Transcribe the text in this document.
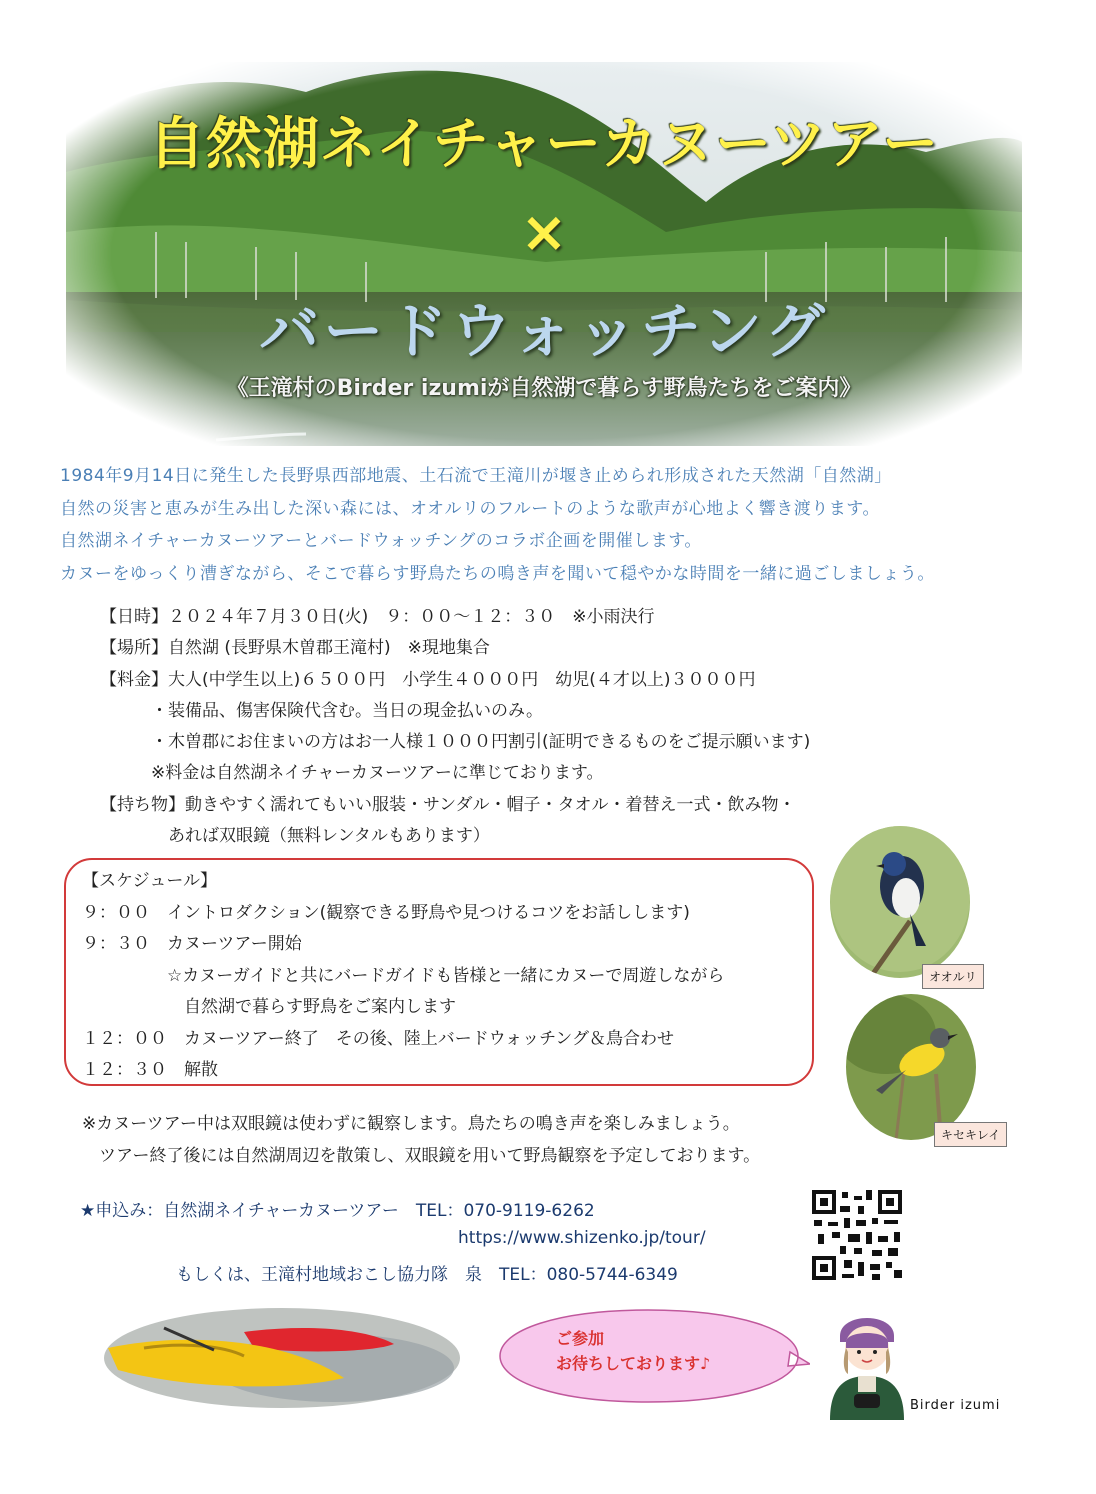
自然湖ネイチャーカヌーツアー
×
バードウォッチング
《王滝村のBirder izumiが自然湖で暮らす野鳥たちをご案内》
1984年9月14日に発生した長野県西部地震、土石流で王滝川が堰き止められ形成された天然湖「自然湖」
自然の災害と恵みが生み出した深い森には、オオルリのフルートのような歌声が心地よく響き渡ります。
自然湖ネイチャーカヌーツアーとバードウォッチングのコラボ企画を開催します。
カヌーをゆっくり漕ぎながら、そこで暮らす野鳥たちの鳴き声を聞いて穏やかな時間を一緒に過ごしましょう。
【日時】２０２４年７月３０日(火)　９：００～１２：３０　※小雨決行
【場所】自然湖 (長野県木曽郡王滝村)　※現地集合
【料金】大人(中学生以上)６５００円　小学生４０００円　幼児(４才以上)３０００円
　　　・装備品、傷害保険代含む。当日の現金払いのみ。
　　　・木曽郡にお住まいの方はお一人様１０００円割引(証明できるものをご提示願います)
　　　※料金は自然湖ネイチャーカヌーツアーに準じております。
【持ち物】動きやすく濡れてもいい服装・サンダル・帽子・タオル・着替え一式・飲み物・
　　　　あれば双眼鏡（無料レンタルもあります）
【スケジュール】
９：００　イントロダクション(観察できる野鳥や見つけるコツをお話しします)
９：３０　カヌーツアー開始
　　　　　☆カヌーガイドと共にバードガイドも皆様と一緒にカヌーで周遊しながら
　　　　　　自然湖で暮らす野鳥をご案内します
１２：００　カヌーツアー終了　その後、陸上バードウォッチング＆鳥合わせ
１２：３０　解散
オオルリ
キセキレイ
※カヌーツアー中は双眼鏡は使わずに観察します。鳥たちの鳴き声を楽しみましょう。
　ツアー終了後には自然湖周辺を散策し、双眼鏡を用いて野鳥観察を予定しております。
★申込み：自然湖ネイチャーカヌーツアー　TEL：070-9119-6262
https://www.shizenko.jp/tour/
もしくは、王滝村地域おこし協力隊　泉　TEL：080-5744-6349
ご参加
お待ちしております♪
Birder izumi
